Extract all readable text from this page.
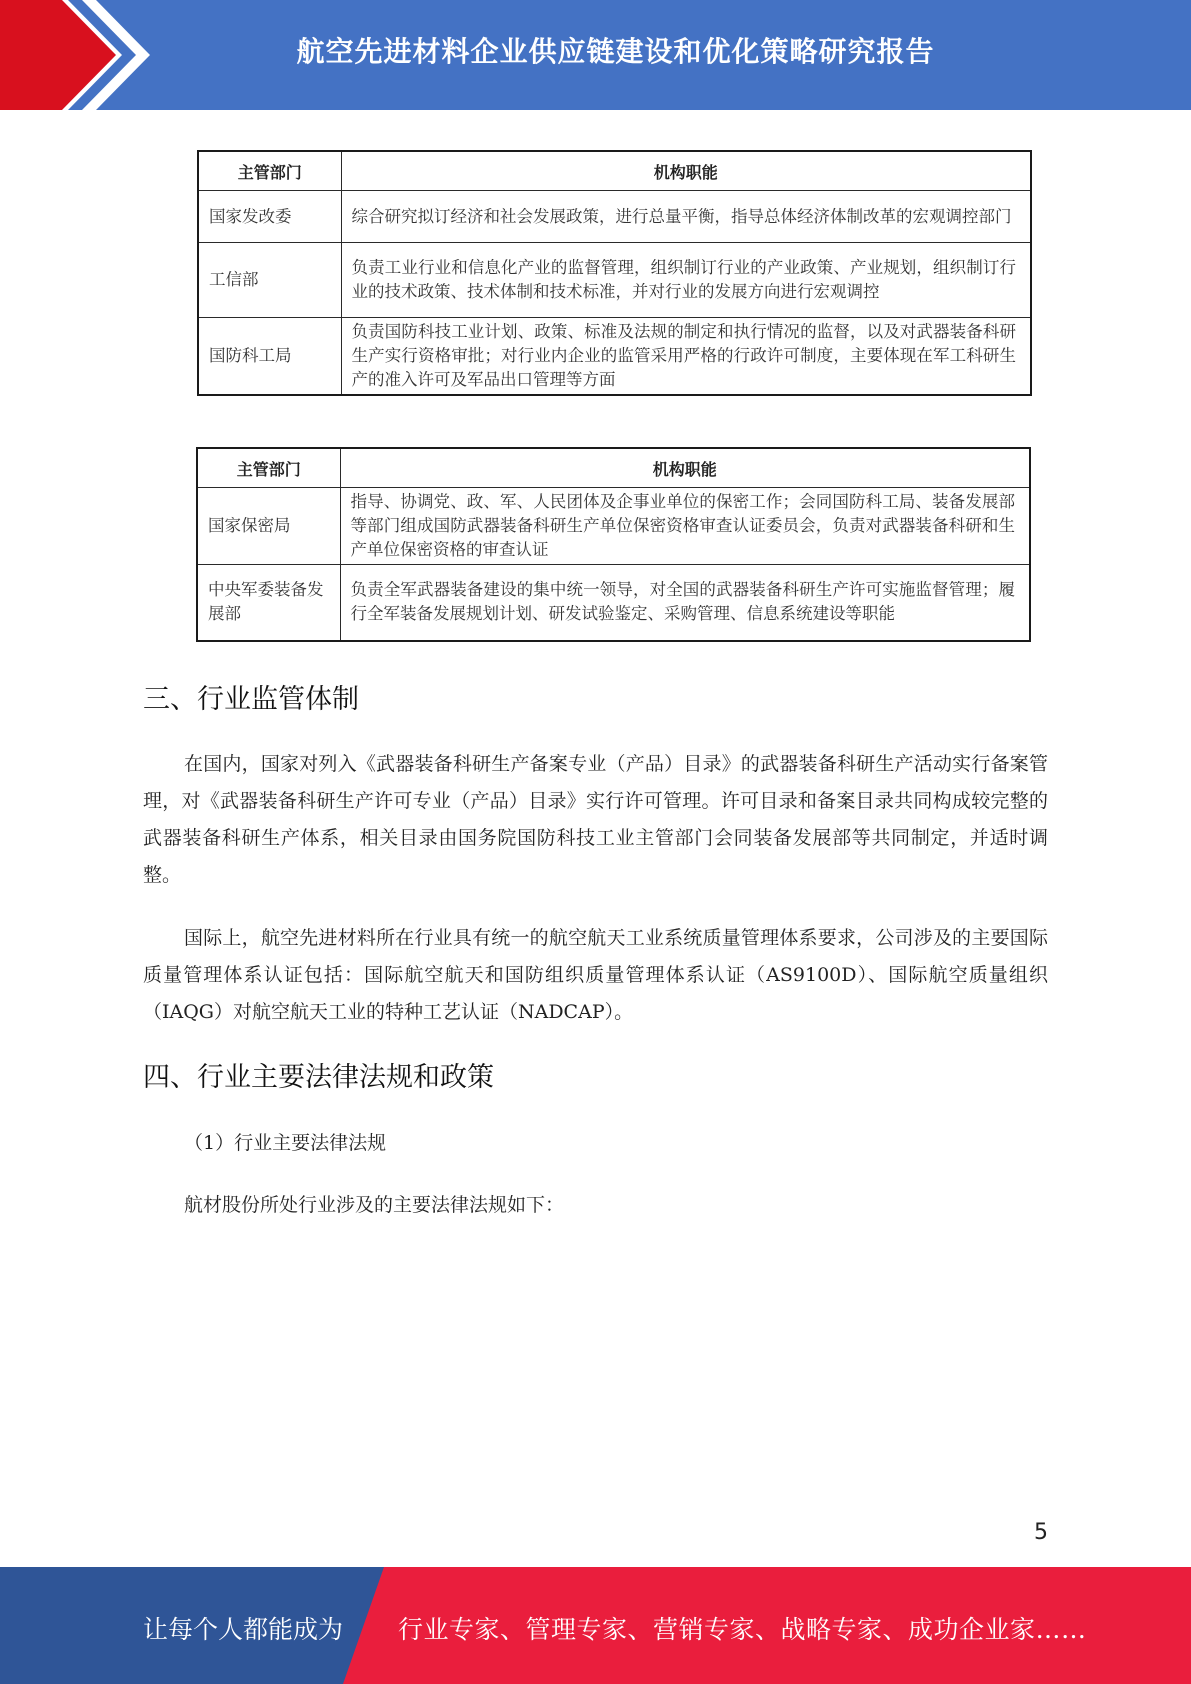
航空先进材料企业供应链建设和优化策略研究报告
主管部门	机构职能
国家发改委	综合研究拟订经济和社会发展政策，进行总量平衡，指导总体经济体制改革的宏观调控部门
工信部	负责工业行业和信息化产业的监督管理，组织制订行业的产业政策、产业规划，组织制订行业的技术政策、技术体制和技术标准，并对行业的发展方向进行宏观调控
国防科工局	负责国防科技工业计划、政策、标准及法规的制定和执行情况的监督，以及对武器装备科研生产实行资格审批；对行业内企业的监管采用严格的行政许可制度，主要体现在军工科研生产的准入许可及军品出口管理等方面
主管部门	机构职能
国家保密局	指导、协调党、政、军、人民团体及企事业单位的保密工作；会同国防科工局、装备发展部等部门组成国防武器装备科研生产单位保密资格审查认证委员会，负责对武器装备科研和生产单位保密资格的审查认证
中央军委装备发展部	负责全军武器装备建设的集中统一领导，对全国的武器装备科研生产许可实施监督管理；履行全军装备发展规划计划、研发试验鉴定、采购管理、信息系统建设等职能
三、行业监管体制

在国内，国家对列入《武器装备科研生产备案专业（产品）目录》的武器装备科研生产活动实行备案管理，对《武器装备科研生产许可专业（产品）目录》实行许可管理。许可目录和备案目录共同构成较完整的武器装备科研生产体系，相关目录由国务院国防科技工业主管部门会同装备发展部等共同制定，并适时调整。

国际上，航空先进材料所在行业具有统一的航空航天工业系统质量管理体系要求，公司涉及的主要国际质量管理体系认证包括：国际航空航天和国防组织质量管理体系认证（AS9100D）、国际航空质量组织（IAQG）对航空航天工业的特种工艺认证（NADCAP）。

四、行业主要法律法规和政策

（1）行业主要法律法规

航材股份所处行业涉及的主要法律法规如下：

5
让每个人都能成为 行业专家、管理专家、营销专家、战略专家、成功企业家……
